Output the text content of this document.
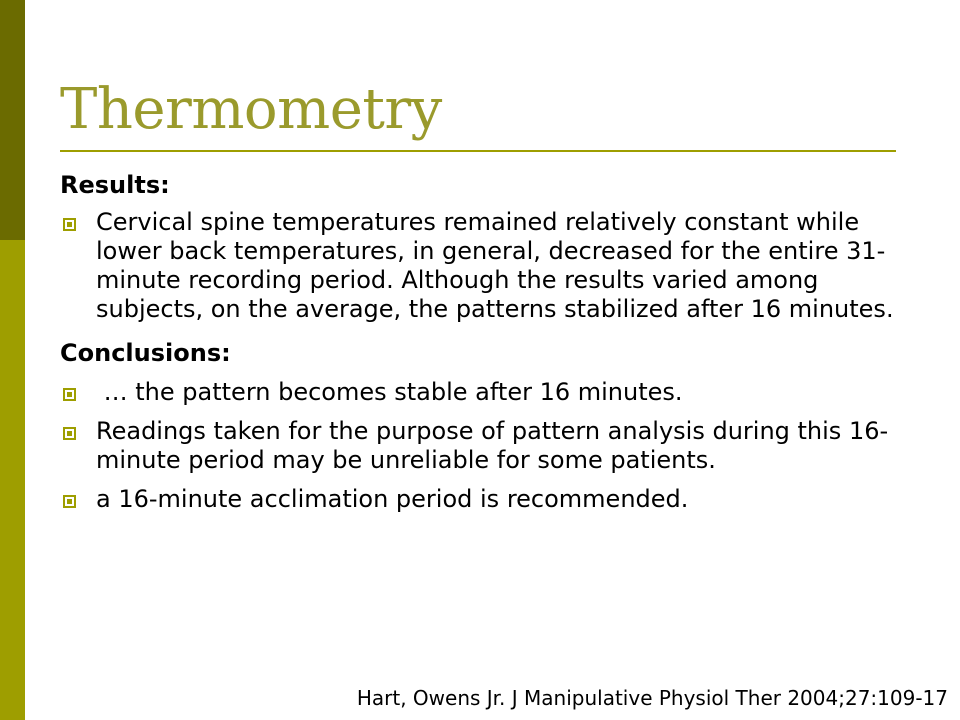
Thermometry
Results:
Cervical spine temperatures remained relatively constant while lower back temperatures, in general, decreased for the entire 31-minute recording period. Although the results varied among subjects, on the average, the patterns stabilized after 16 minutes.
Conclusions:
… the pattern becomes stable after 16 minutes.
Readings taken for the purpose of pattern analysis during this 16-minute period may be unreliable for some patients.
a 16-minute acclimation period is recommended.
Hart, Owens Jr. J Manipulative Physiol Ther 2004;27:109-17
